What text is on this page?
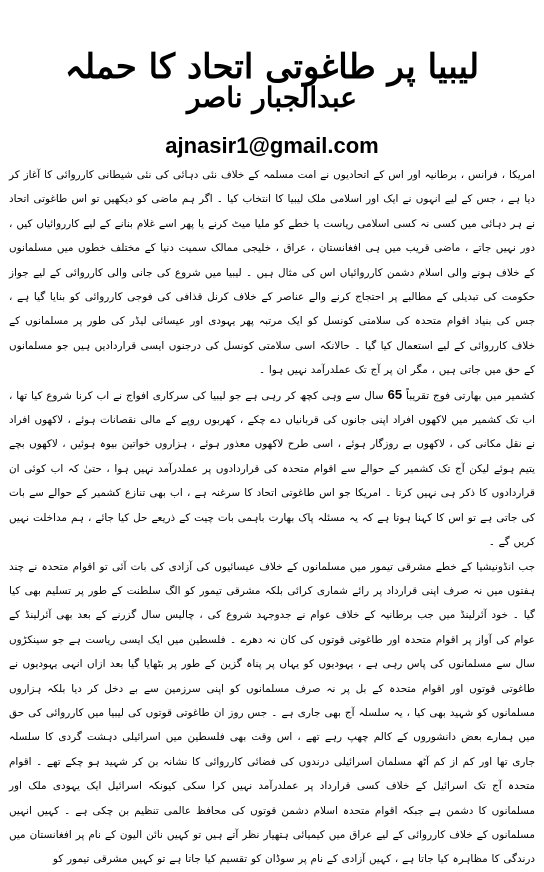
لیبیا پر طاغوتی اتحاد کا حملہ
عبدالجبار ناصر
ajnasir1@gmail.com

امریکا ، فرانس ، برطانیہ اور اس کے اتحادیوں نے امت مسلمہ کے خلاف نئی دہائی کی نئی شیطانی کارروائی کا آغاز کر دیا ہے ، جس کے لیے انہوں نے ایک اور اسلامی ملک لیبیا کا انتخاب کیا ۔ اگر ہم ماضی کو دیکھیں تو اس طاغوتی اتحاد نے ہر دہائی میں کسی نہ کسی اسلامی ریاست یا خطے کو ملیا میٹ کرنے یا پھر اسے غلام بنانے کے لیے کارروائیاں کیں ، دور نہیں جاتے ، ماضی قریب میں ہی افغانستان ، عراق ، خلیجی ممالک سمیت دنیا کے مختلف خطوں میں مسلمانوں کے خلاف ہونے والی اسلام دشمن کارروائیاں اس کی مثال ہیں ۔ لیبیا میں شروع کی جانی والی کارروائی کے لیے جواز حکومت کی تبدیلی کے مطالبے پر احتجاج کرنے والے عناصر کے خلاف کرنل قذافی کی فوجی کارروائی کو بنایا گیا ہے ، جس کی بنیاد اقوام متحدہ کی سلامتی کونسل کو ایک مرتبہ پھر یہودی اور عیسائی لیڈر کی طور پر مسلمانوں کے خلاف کارروائی کے لیے استعمال کیا گیا ۔ حالانکہ اسی سلامتی کونسل کی درجنوں ایسی قراردادیں ہیں جو مسلمانوں کے حق میں جاتی ہیں ، مگر ان پر آج تک عملدرآمد نہیں ہوا ۔

کشمیر میں بھارتی فوج تقریباً 65 سال سے وہی کچھ کر رہی ہے جو لیبیا کی سرکاری افواج نے اب کرنا شروع کیا تھا ، اب تک کشمیر میں لاکھوں افراد اپنی جانوں کی قربانیاں دے چکے ، کھربوں روپے کے مالی نقصانات ہوئے ، لاکھوں افراد نے نقل مکانی کی ، لاکھوں بے روزگار ہوئے ، اسی طرح لاکھوں معذور ہوئے ، ہزاروں خواتین بیوہ ہوئیں ، لاکھوں بچے یتیم ہوئے لیکن آج تک کشمیر کے حوالے سے اقوام متحدہ کی قراردادوں پر عملدرآمد نہیں ہوا ، حتیٰ کہ اب کوئی ان قراردادوں کا ذکر ہی نہیں کرتا ۔ امریکا جو اس طاغوتی اتحاد کا سرغنہ ہے ، اب بھی تنازع کشمیر کے حوالے سے بات کی جاتی ہے تو اس کا کہنا ہوتا ہے کہ یہ مسئلہ پاک بھارت باہمی بات چیت کے ذریعے حل کیا جائے ، ہم مداخلت نہیں کریں گے ۔

جب انڈونیشیا کے خطے مشرقی تیمور میں مسلمانوں کے خلاف عیسائیوں کی آزادی کی بات آئی تو اقوام متحدہ نے چند ہفتوں میں نہ صرف اپنی قرارداد پر رائے شماری کرائی بلکہ مشرقی تیمور کو الگ سلطنت کے طور پر تسلیم بھی کیا گیا ۔ خود آئرلینڈ میں جب برطانیہ کے خلاف عوام نے جدوجہد شروع کی ، چالیس سال گزرنے کے بعد بھی آئرلینڈ کے عوام کی آواز پر اقوام متحدہ اور طاغوتی قوتوں کی کان نہ دھرے ۔ فلسطین میں ایک ایسی ریاست ہے جو سینکڑوں سال سے مسلمانوں کی پاس رہی ہے ، یہودیوں کو یہاں پر پناہ گزین کے طور پر بٹھایا گیا بعد ازاں انہی یہودیوں نے طاغوتی قوتوں اور اقوام متحدہ کے بل پر نہ صرف مسلمانوں کو اپنی سرزمین سے بے دخل کر دیا بلکہ ہزاروں مسلمانوں کو شہید بھی کیا ، یہ سلسلہ آج بھی جاری ہے ۔ جس روز ان طاغوتی قوتوں کی لیبیا میں کارروائی کی حق میں ہمارے بعض دانشوروں کے کالم چھپ رہے تھے ، اس وقت بھی فلسطین میں اسرائیلی دہشت گردی کا سلسلہ جاری تھا اور کم از کم آٹھ مسلمان اسرائیلی درندوں کی فضائی کارروائی کا نشانہ بن کر شہید ہو چکے تھے ۔ اقوام متحدہ آج تک اسرائیل کے خلاف کسی قرارداد پر عملدرآمد نہیں کرا سکی کیونکہ اسرائیل ایک یہودی ملک اور مسلمانوں کا دشمن ہے جبکہ اقوام متحدہ اسلام دشمن قوتوں کی محافظ عالمی تنظیم بن چکی ہے ۔ کہیں انہیں مسلمانوں کے خلاف کارروائی کے لیے عراق میں کیمیائی ہتھیار نظر آتے ہیں تو کہیں نائن الیون کے نام پر افغانستان میں درندگی کا مظاہرہ کیا جاتا ہے ، کہیں آزادی کے نام پر سوڈان کو تقسیم کیا جاتا ہے تو کہیں مشرقی تیمور کو
